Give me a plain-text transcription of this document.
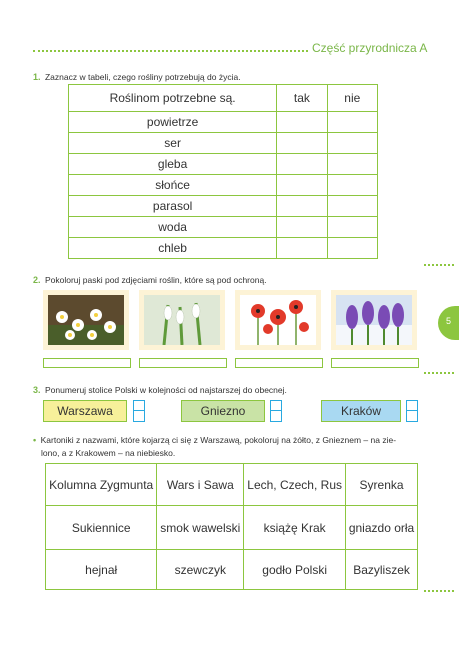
Część przyrodnicza A
5
1. Zaznacz w tabeli, czego rośliny potrzebują do życia.
Roślinom potrzebne są.	tak	nie
powietrze		
ser		
gleba		
słońce		
parasol		
woda		
chleb		
2. Pokoloruj paski pod zdjęciami roślin, które są pod ochroną.
3. Ponumeruj stolice Polski w kolejności od najstarszej do obecnej.
Warszawa	Gniezno	Kraków
• Kartoniki z nazwami, które kojarzą ci się z Warszawą, pokoloruj na żółto, z Gnieznem – na zie-
lono, a z Krakowem – na niebiesko.
Kolumna Zygmunta	Wars i Sawa	Lech, Czech, Rus	Syrenka
Sukiennice	smok wawelski	książę Krak	gniazdo orła
hejnał	szewczyk	godło Polski	Bazyliszek
